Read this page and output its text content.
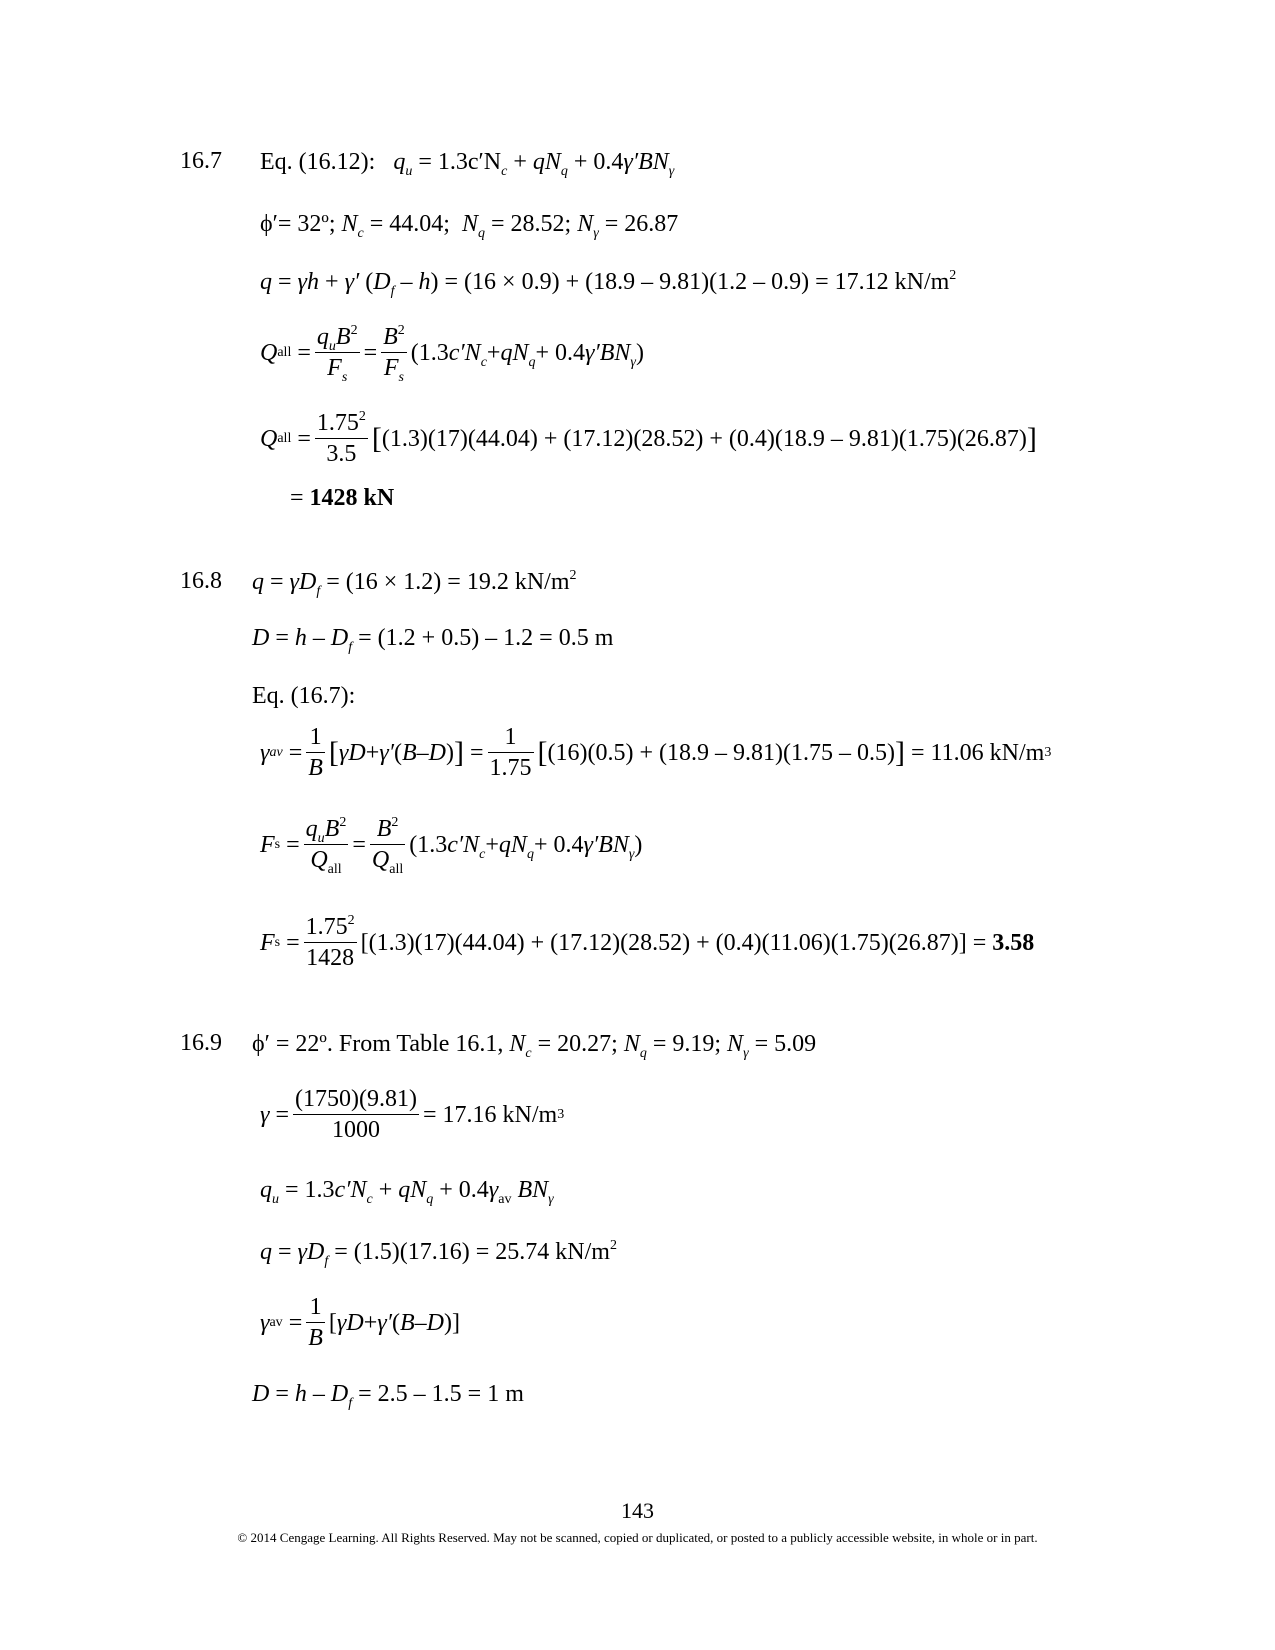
16.7 Eq. (16.12): $q_u = 1.3c'N_c + qN_q + 0.4\gamma'BN_\gamma$
ϕ′= 32º; $N_c = 44.04$; $N_q = 28.52$; $N_\gamma = 26.87$
q = γh + γ′ $(D_f - h) = (16 \times 0.9) + (18.9 - 9.81)(1.2 - 0.9) = 17.12$ $kN/m^2$
Q all = $\frac{q_uB^2}{F_s} = \frac{B^2}{F_s} (1.3$ $c'N_c + qN_q + 0.4$ $\gamma'BN_\gamma$ )
Q all = $\frac{1.75^2}{3.5}$ [ (1.3)(17)(44.04) + (17.12)(28.52) + (0.4)(18.9 – 9.81)(1.75)(26.87) ]
= 1428 kN
16.8 $q = \gamma D_f = (16 \times 1.2) = 19.2$ $kN/m^2$
$D = h - D_f = (1.2 + 0.5) - 1.2 = 0.5$ m
Eq. (16.7):
γ av = $\frac{1}{B}$ [ γD + γ′ ( B – D ) ] = $\frac{1}{1.75}$ [ (16)(0.5) + (18.9 – 9.81)(1.75 – 0.5) ]
= 11.06 kN/m 3
F $s = \frac{q_uB^2}{Q_{all}} = \frac{B^2}{Q_{all}} (1.3$ $c'N_c + qN_q + 0.4$ $\gamma'BN_\gamma$ )
F $s = \frac{1.75^2}{1428} [(1.3)(17)(44.04) + (17.12)(28.52) + (0.4)(11.06)(1.75)(26.87)]$ =
3.58
16.9 ϕ′ = 22º. From Table 16.1, $N_c = 20.27$; $N_q = 9.19$; $N_\gamma = 5.09$
$\gamma = \frac{(1750)(9.81)}{1000} = 17.16$ kN/m 3
$q_u = 1.3c'N_c + qN_q + 0.4\gamma_{av}$ $BN_\gamma$
$q = \gamma D_f = (1.5)(17.16) = 25.74$ $kN/m^2$
γ av = $\frac{1}{B}$ [ γD + γ′ ( B – D )]
$D = h - D_f = 2.5 - 1.5 = 1$ m
143
© 2014 Cengage Learning. All Rights Reserved. May not be scanned, copied or duplicated, or posted to a publicly accessible website, in whole or in part.
